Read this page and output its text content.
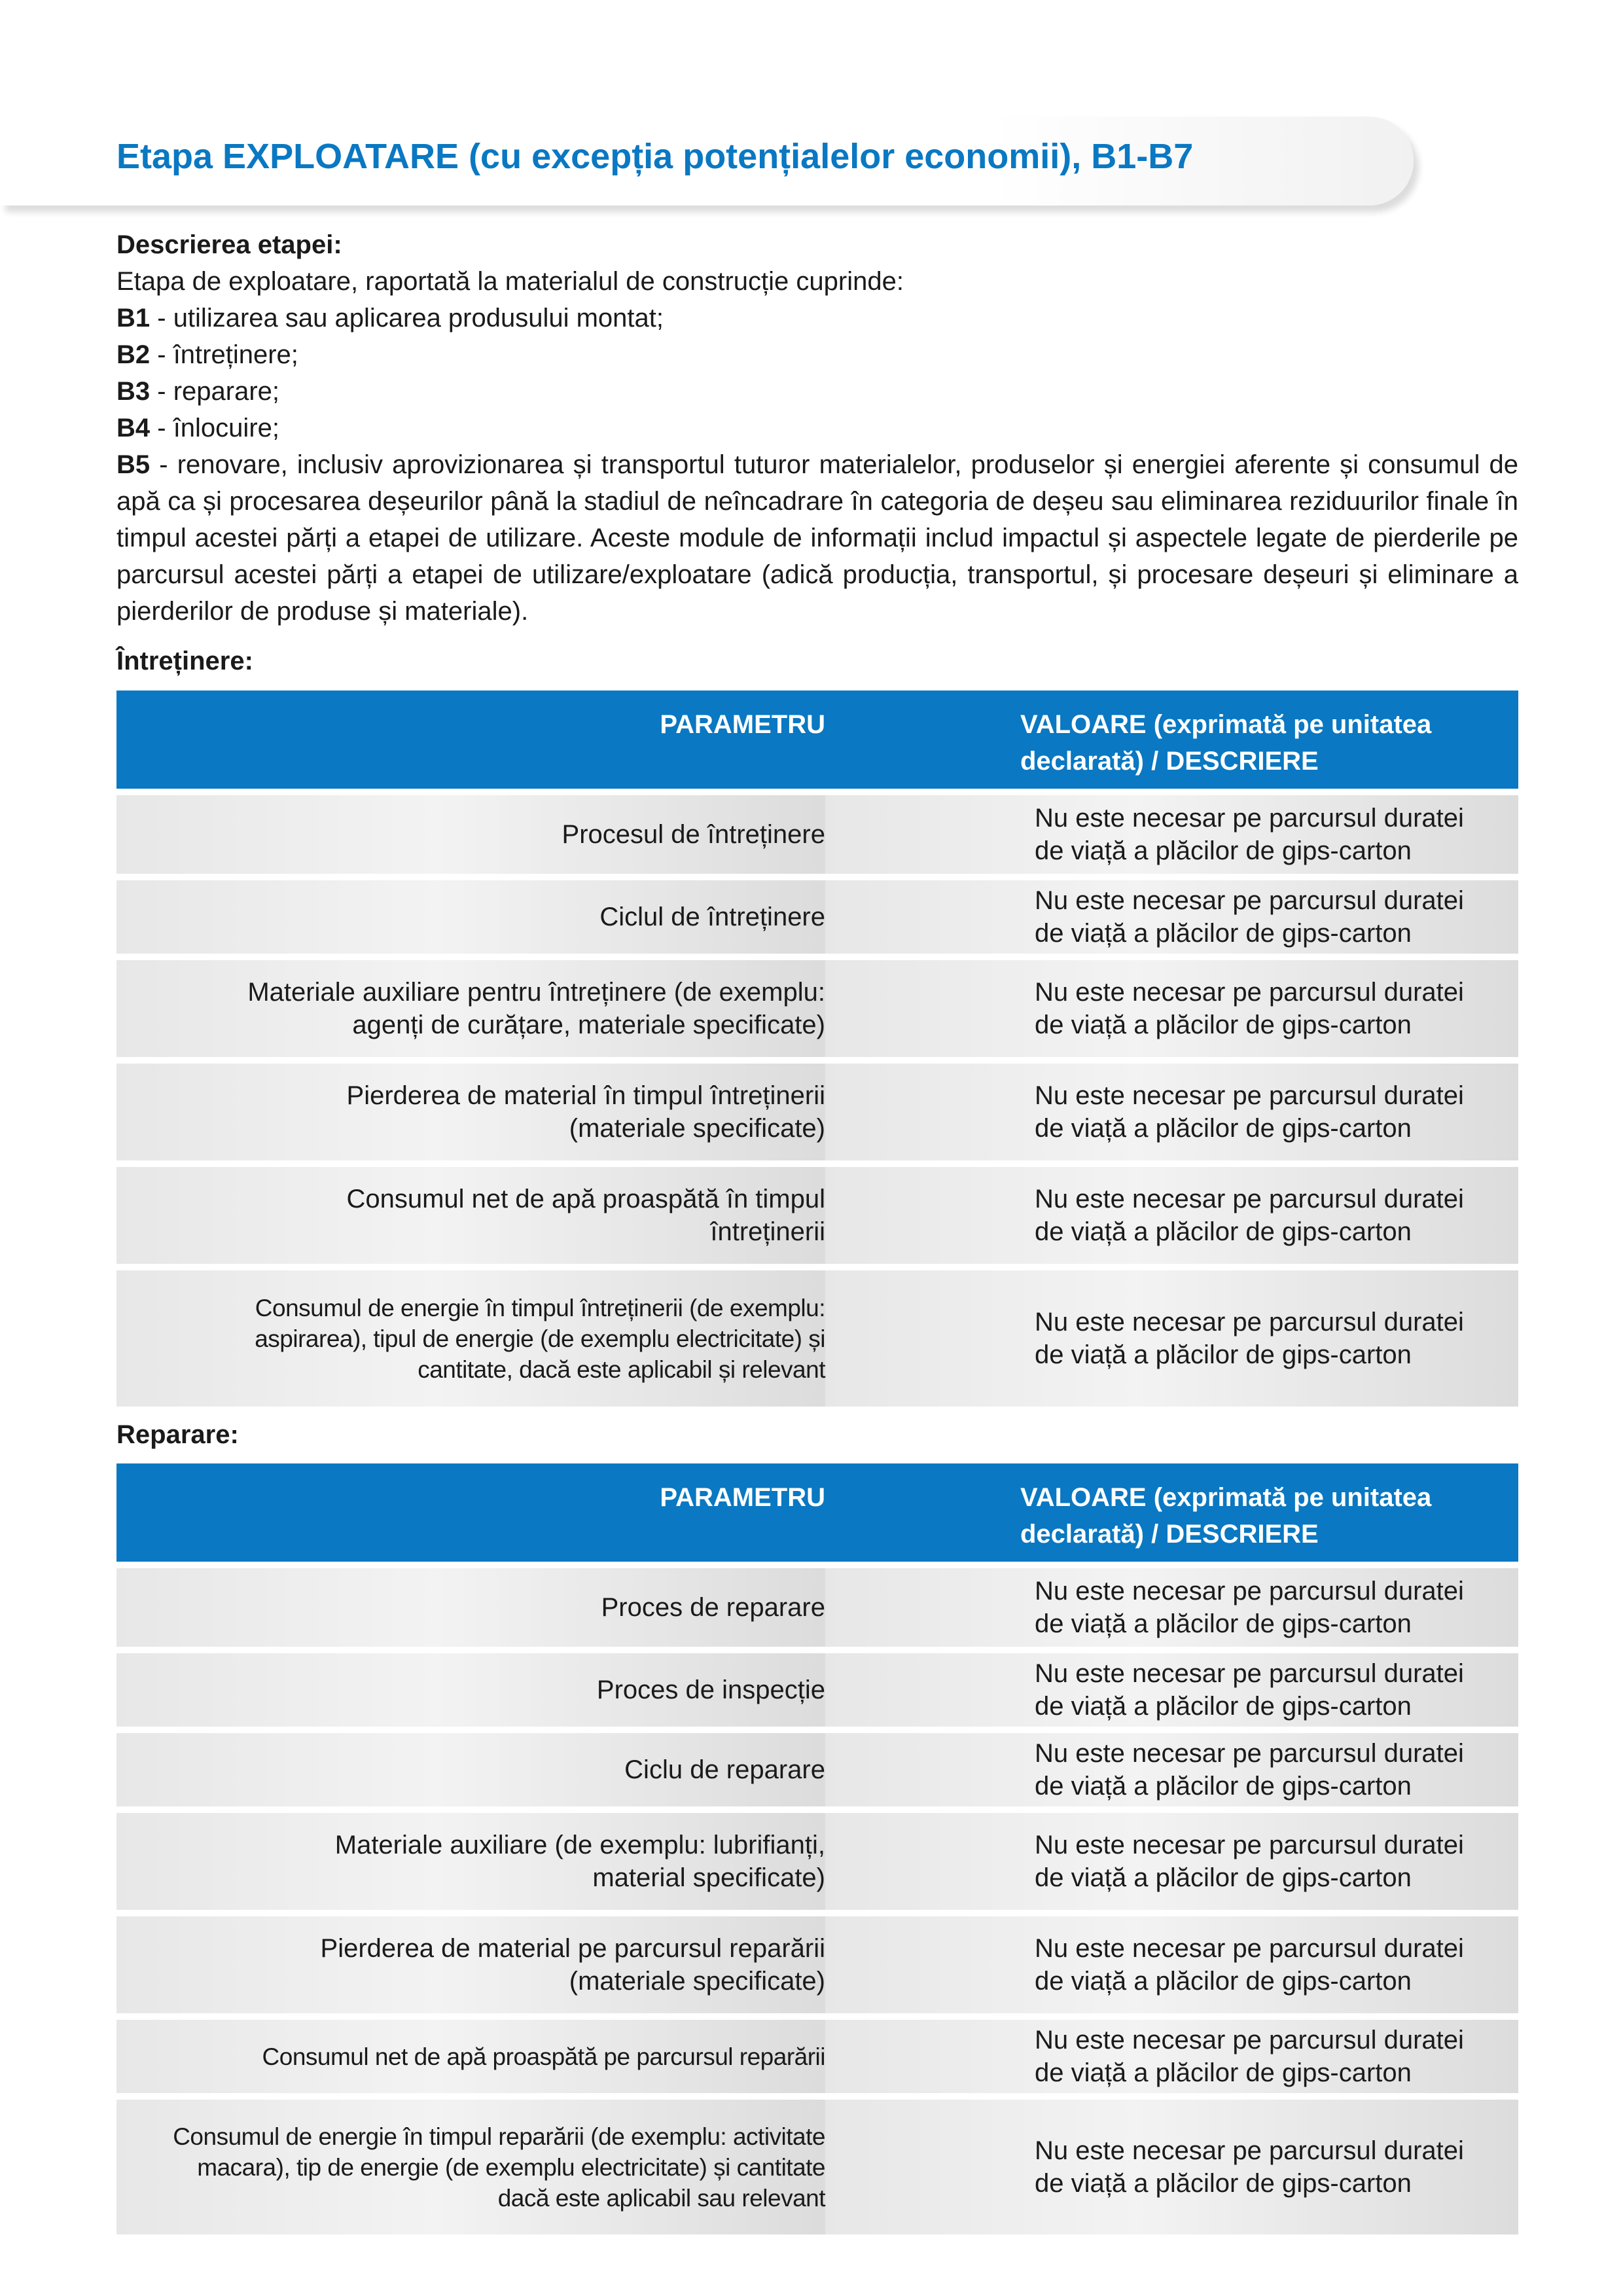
Etapa EXPLOATARE (cu excepția potențialelor economii), B1-B7

Descrierea etapei:

Etapa de exploatare, raportată la materialul de construcție cuprinde:

B1 - utilizarea sau aplicarea produsului montat;

B2 - întreținere;

B3 - reparare;

B4 - înlocuire;

B5 - renovare, inclusiv aprovizionarea și transportul tuturor materialelor, produselor și energiei aferente și consumul de apă ca și procesarea deșeurilor până la stadiul de neîncadrare în categoria de deșeu sau eliminarea reziduurilor finale în timpul acestei părți a etapei de utilizare. Aceste module de informații includ impactul și aspectele legate de pierderile pe parcursul acestei părți a etapei de utilizare/exploatare (adică producția, transportul, și procesare deșeuri și eliminare a pierderilor de produse și materiale).

Întreținere:
PARAMETRU	VALOARE (exprimată pe unitatea declarată) / DESCRIERE
Procesul de întreținere	Nu este necesar pe parcursul duratei de viață a plăcilor de gips-carton
Ciclul de întreținere	Nu este necesar pe parcursul duratei de viață a plăcilor de gips-carton
Materiale auxiliare pentru întreținere (de exemplu: agenți de curățare, materiale specificate)	Nu este necesar pe parcursul duratei de viață a plăcilor de gips-carton
Pierderea de material în timpul întreținerii (materiale specificate)	Nu este necesar pe parcursul duratei de viață a plăcilor de gips-carton
Consumul net de apă proaspătă în timpul întreținerii	Nu este necesar pe parcursul duratei de viață a plăcilor de gips-carton
Consumul de energie în timpul întreținerii (de exemplu: aspirarea), tipul de energie (de exemplu electricitate) și cantitate, dacă este aplicabil și relevant	Nu este necesar pe parcursul duratei de viață a plăcilor de gips-carton
Reparare:
PARAMETRU	VALOARE (exprimată pe unitatea declarată) / DESCRIERE
Proces de reparare	Nu este necesar pe parcursul duratei de viață a plăcilor de gips-carton
Proces de inspecție	Nu este necesar pe parcursul duratei de viață a plăcilor de gips-carton
Ciclu de reparare	Nu este necesar pe parcursul duratei de viață a plăcilor de gips-carton
Materiale auxiliare (de exemplu: lubrifianți, material specificate)	Nu este necesar pe parcursul duratei de viață a plăcilor de gips-carton
Pierderea de material pe parcursul reparării (materiale specificate)	Nu este necesar pe parcursul duratei de viață a plăcilor de gips-carton
Consumul net de apă proaspătă pe parcursul reparării	Nu este necesar pe parcursul duratei de viață a plăcilor de gips-carton
Consumul de energie în timpul reparării (de exemplu: activitate macara), tip de energie (de exemplu electricitate) și cantitate dacă este aplicabil sau relevant	Nu este necesar pe parcursul duratei de viață a plăcilor de gips-carton
